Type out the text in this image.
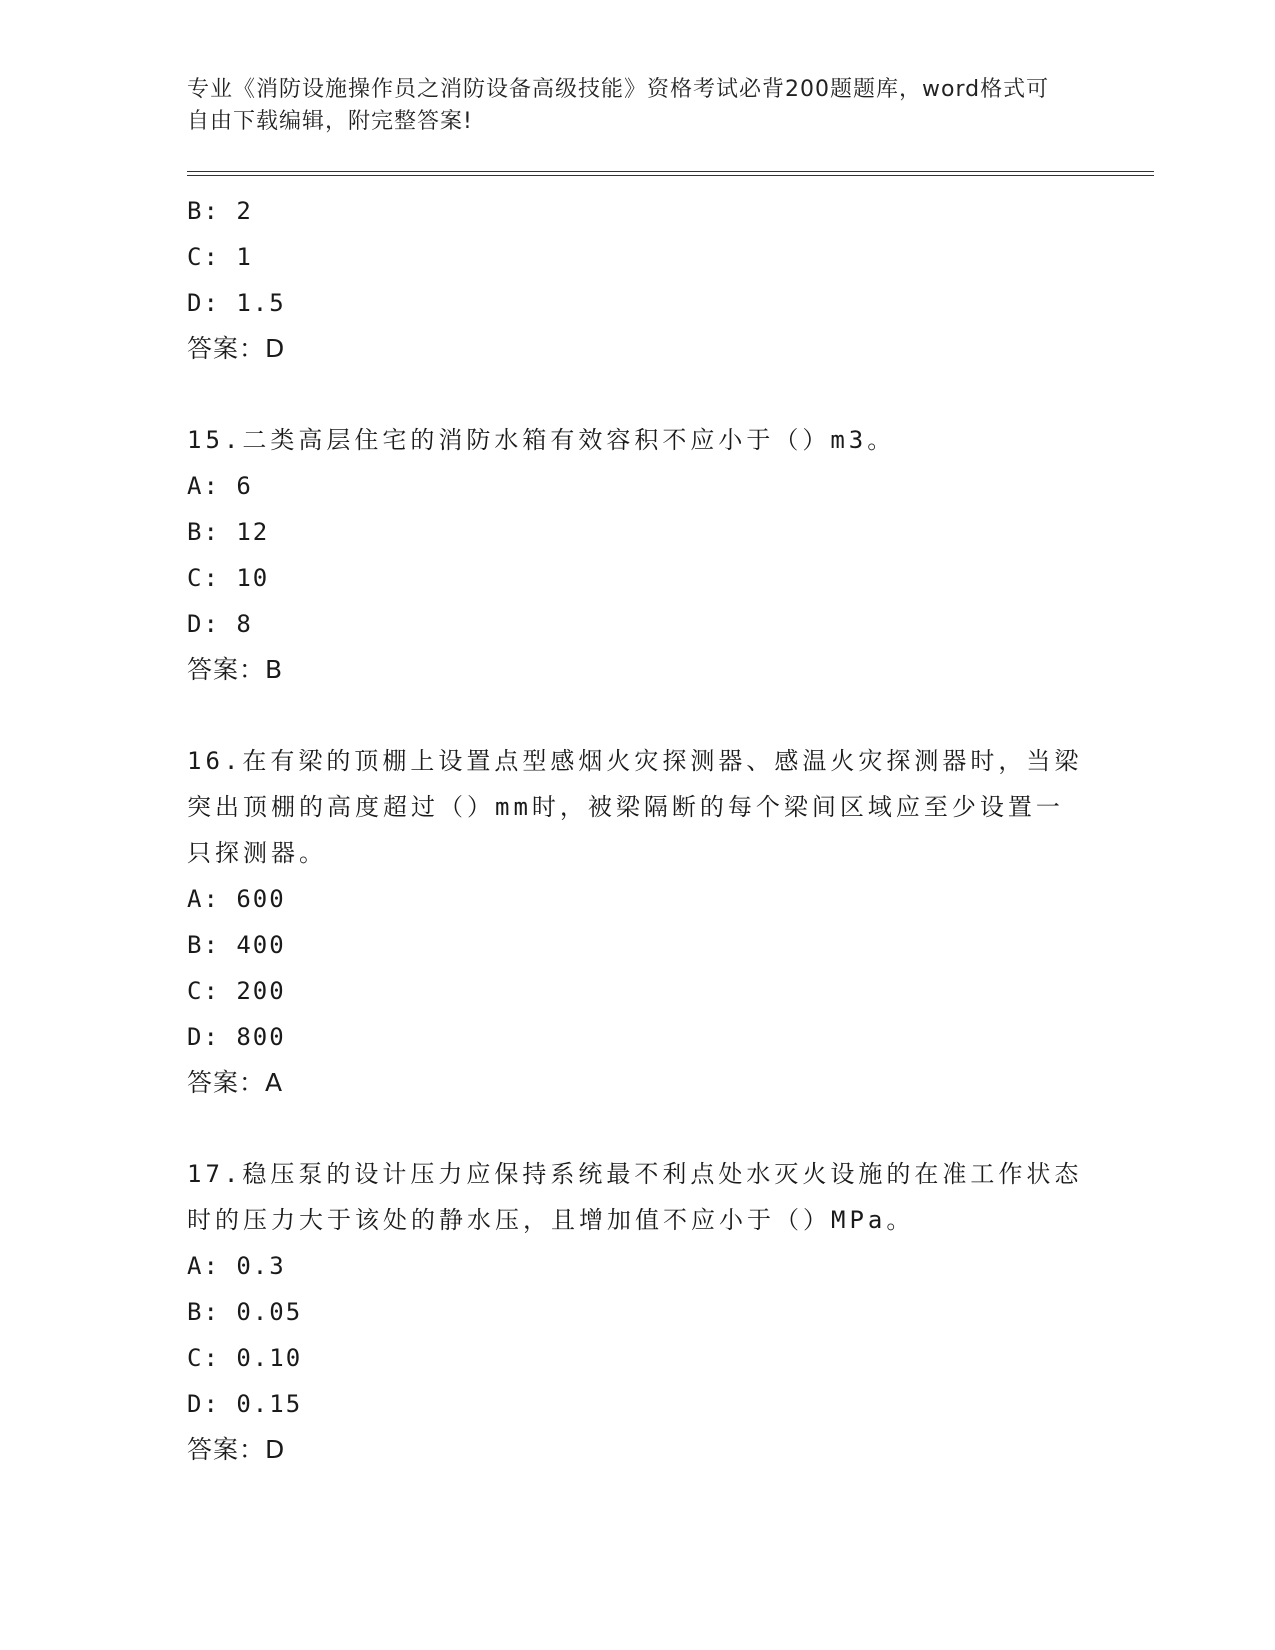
专业《消防设施操作员之消防设备高级技能》资格考试必背200题题库，word格式可自由下载编辑，附完整答案!
B: 2
C: 1
D: 1.5
答案：D
15.二类高层住宅的消防水箱有效容积不应小于（）m3。
A: 6
B: 12
C: 10
D: 8
答案：B
16.在有梁的顶棚上设置点型感烟火灾探测器、感温火灾探测器时，当梁突出顶棚的高度超过（）mm时，被梁隔断的每个梁间区域应至少设置一只探测器。
A: 600
B: 400
C: 200
D: 800
答案：A
17.稳压泵的设计压力应保持系统最不利点处水灭火设施的在准工作状态时的压力大于该处的静水压，且增加值不应小于（）MPa。
A: 0.3
B: 0.05
C: 0.10
D: 0.15
答案：D
